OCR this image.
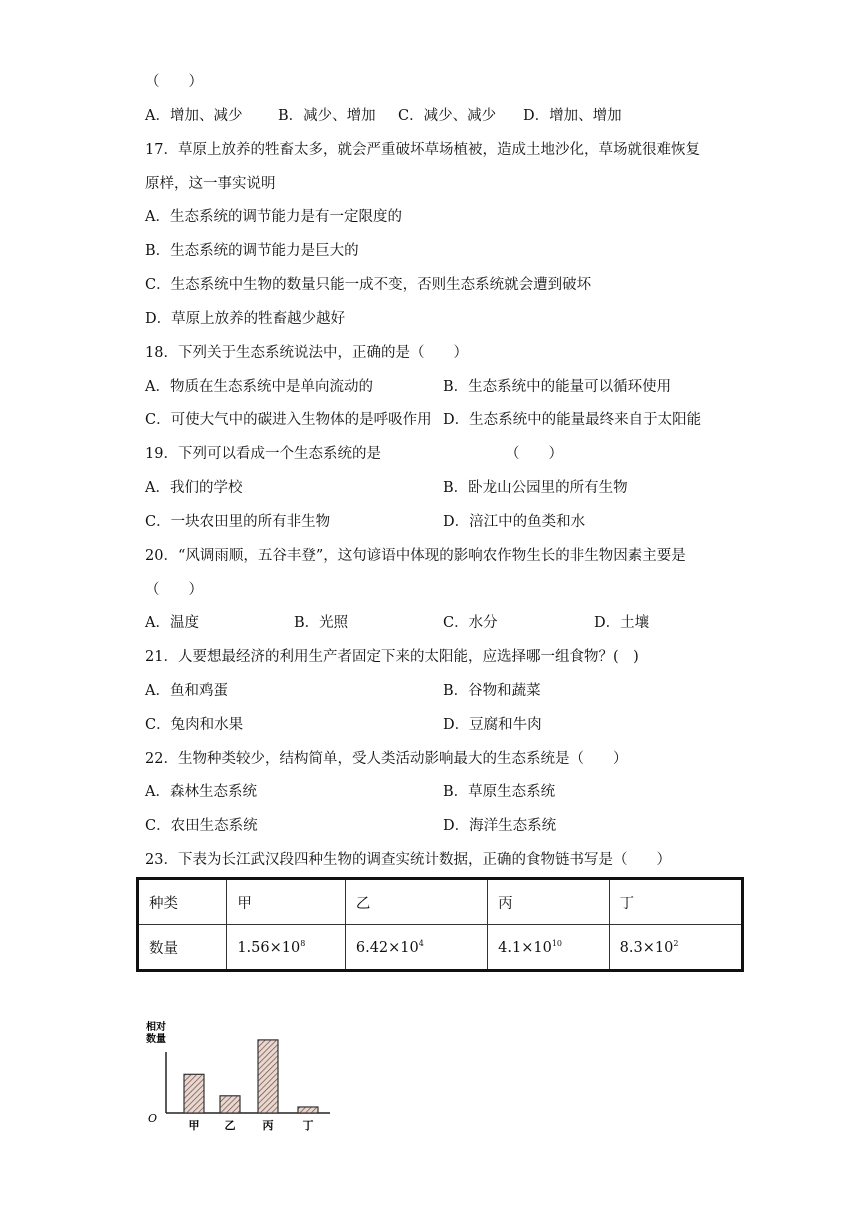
（　　）
A．增加、减少 B．减少、增加 C．减少、减少 D．增加、增加
17．草原上放养的牲畜太多，就会严重破坏草场植被，造成土地沙化，草场就很难恢复
原样，这一事实说明
A．生态系统的调节能力是有一定限度的
B．生态系统的调节能力是巨大的
C．生态系统中生物的数量只能一成不变，否则生态系统就会遭到破坏
D．草原上放养的牲畜越少越好
18．下列关于生态系统说法中，正确的是（　　）
A．物质在生态系统中是单向流动的	B．生态系统中的能量可以循环使用
C．可使大气中的碳进入生物体的是呼吸作用 D．生态系统中的能量最终来自于太阳能
19．下列可以看成一个生态系统的是	（　　）
A．我们的学校	B．卧龙山公园里的所有生物
C．一块农田里的所有非生物	D．涪江中的鱼类和水
20．“风调雨顺，五谷丰登”，这句谚语中体现的影响农作物生长的非生物因素主要是
（　　）
A．温度	B．光照	C．水分	D．土壤
21．人要想最经济的利用生产者固定下来的太阳能，应选择哪一组食物？(　)
A．鱼和鸡蛋	B．谷物和蔬菜
C．兔肉和水果	D．豆腐和牛肉
22．生物种类较少，结构简单，受人类活动影响最大的生态系统是（　　）
A．森林生态系统	B．草原生态系统
C．农田生态系统	D．海洋生态系统
23．下表为长江武汉段四种生物的调查实统计数据，正确的食物链书写是（　　）
种类	甲	乙	丙	丁
数量	$1.56\times 10^8$	$6.42\times 10^4$	$4.1\times 10^{10}$	$8.3\times 10^2$
相对数量
O
甲 乙 丙	丁
